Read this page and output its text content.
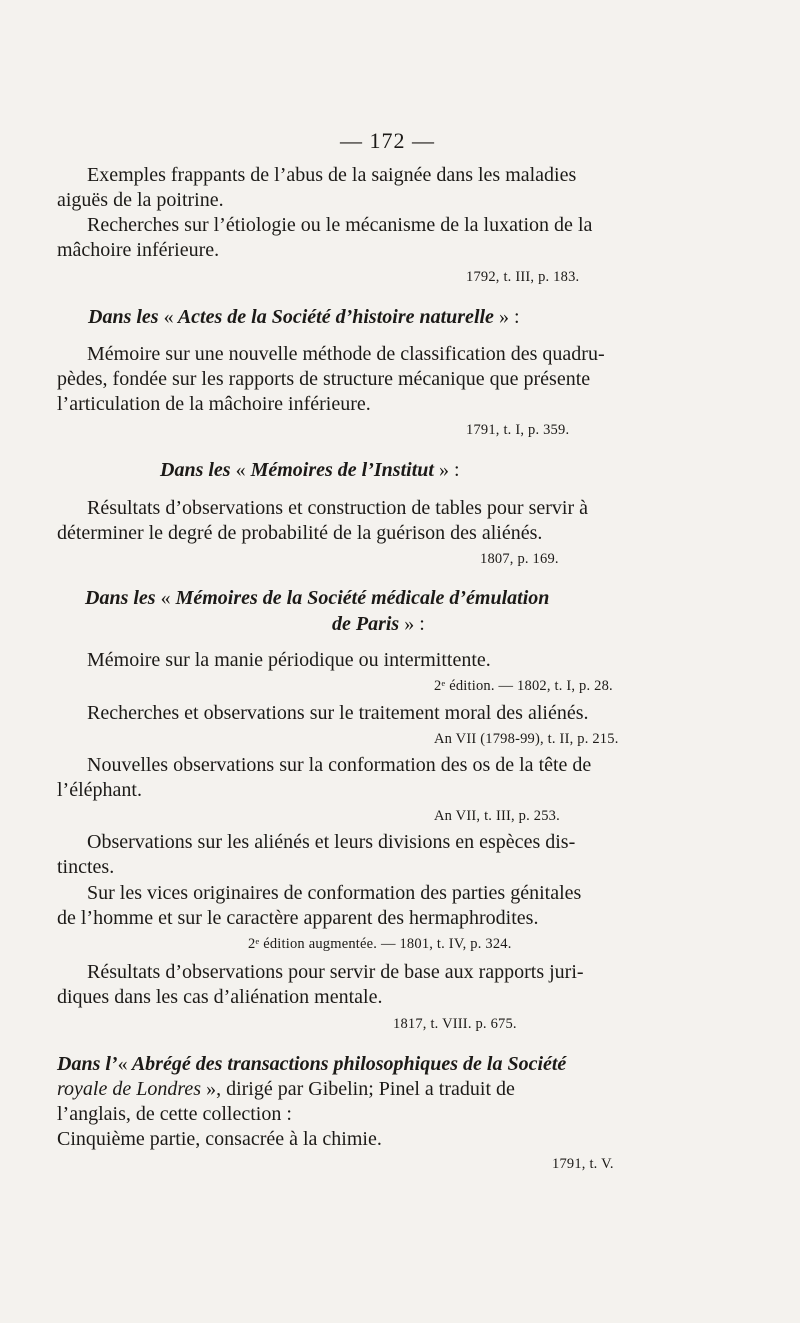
— 172 —
Exemples frappants de l’abus de la saignée dans les maladies
aiguës de la poitrine.
Recherches sur l’étiologie ou le mécanisme de la luxation de la
mâchoire inférieure.
1792, t. III, p. 183.
Dans les « Actes de la Société d’histoire naturelle » :
Mémoire sur une nouvelle méthode de classification des quadru-
pèdes, fondée sur les rapports de structure mécanique que présente
l’articulation de la mâchoire inférieure.
1791, t. I, p. 359.
Dans les « Mémoires de l’Institut » :
Résultats d’observations et construction de tables pour servir à
déterminer le degré de probabilité de la guérison des aliénés.
1807, p. 169.
Dans les « Mémoires de la Société médicale d’émulation
de Paris » :
Mémoire sur la manie périodique ou intermittente.
2ᵉ édition. — 1802, t. I, p. 28.
Recherches et observations sur le traitement moral des aliénés.
An VII (1798-99), t. II, p. 215.
Nouvelles observations sur la conformation des os de la tête de
l’éléphant.
An VII, t. III, p. 253.
Observations sur les aliénés et leurs divisions en espèces dis-
tinctes.
Sur les vices originaires de conformation des parties génitales
de l’homme et sur le caractère apparent des hermaphrodites.
2ᵉ édition augmentée. — 1801, t. IV, p. 324.
Résultats d’observations pour servir de base aux rapports juri-
diques dans les cas d’aliénation mentale.
1817, t. VIII. p. 675.
Dans l’« Abrégé des transactions philosophiques de la Société
royale de Londres », dirigé par Gibelin; Pinel a traduit de
l’anglais, de cette collection :
Cinquième partie, consacrée à la chimie.
1791, t. V.
